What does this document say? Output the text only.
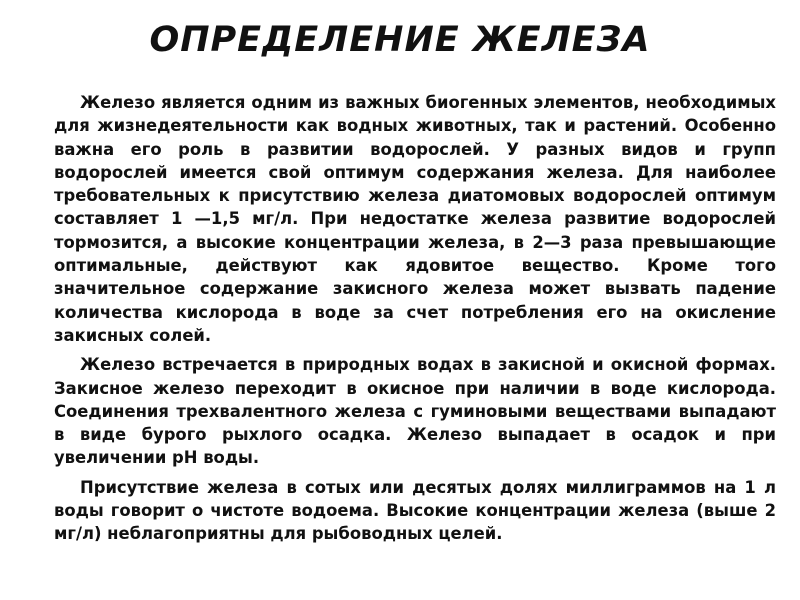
ОПРЕДЕЛЕНИЕ ЖЕЛЕЗА

Железо является одним из важных биогенных элементов, необходимых для жизнедеятельности как водных животных, так и растений. Особенно важна его роль в развитии водорослей. У разных видов и групп водорослей имеется свой оптимум содержания железа. Для наиболее требовательных к присутствию железа диатомовых водорослей оптимум составляет 1 —1,5 мг/л. При недостатке железа развитие водорослей тормозится, а высокие концентрации железа, в 2—3 раза превышающие оптимальные, действуют как ядовитое вещество. Кроме того значительное содержание закисного железа может вызвать падение количества кислорода в воде за счет потребления его на окисление закисных солей.

Железо встречается в природных водах в закисной и окисной формах. Закисное железо переходит в окисное при наличии в воде кислорода. Соединения трехвалентного железа с гуминовыми веществами выпадают в виде бурого рыхлого осадка. Железо выпадает в осадок и при увеличении pH воды.

Присутствие железа в сотых или десятых долях миллиграммов на 1 л воды говорит о чистоте водоема. Высокие концентрации железа (выше 2 мг/л) неблагоприятны для рыбоводных целей.
